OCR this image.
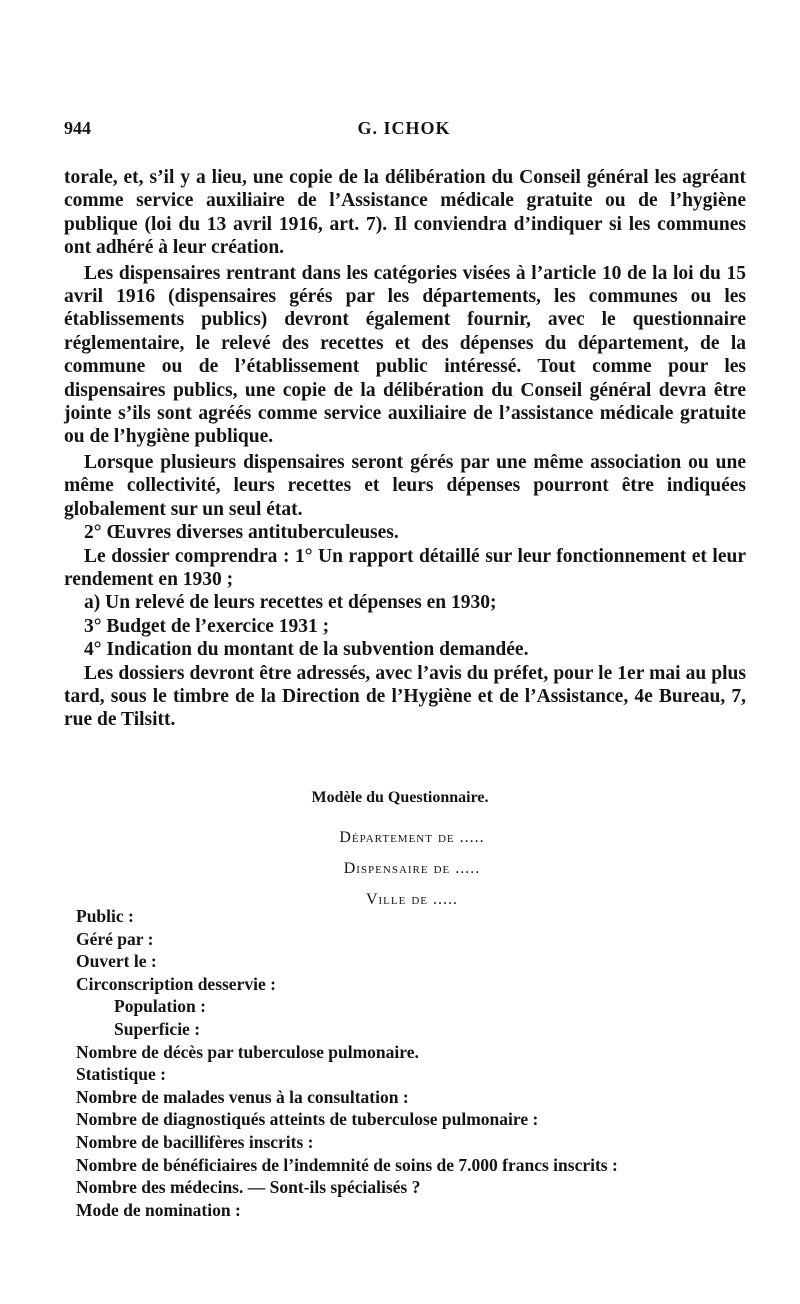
944	G. ICHOK

torale, et, s’il y a lieu, une copie de la délibération du Conseil général les agréant comme service auxiliaire de l’Assistance médicale gratuite ou de l’hygiène publique (loi du 13 avril 1916, art. 7). Il conviendra d’indiquer si les communes ont adhéré à leur création.

Les dispensaires rentrant dans les catégories visées à l’article 10 de la loi du 15 avril 1916 (dispensaires gérés par les départements, les communes ou les établissements publics) devront également fournir, avec le questionnaire réglementaire, le relevé des recettes et des dépenses du département, de la commune ou de l’établissement public intéressé. Tout comme pour les dispensaires publics, une copie de la délibération du Conseil général devra être jointe s’ils sont agréés comme service auxiliaire de l’assistance médicale gratuite ou de l’hygiène publique.

Lorsque plusieurs dispensaires seront gérés par une même association ou une même collectivité, leurs recettes et leurs dépenses pourront être indiquées globalement sur un seul état.

2° Œuvres diverses antituberculeuses.

Le dossier comprendra : 1° Un rapport détaillé sur leur fonctionnement et leur rendement en 1930 ;

a) Un relevé de leurs recettes et dépenses en 1930;

3° Budget de l’exercice 1931 ;

4° Indication du montant de la subvention demandée.

Les dossiers devront être adressés, avec l’avis du préfet, pour le 1er mai au plus tard, sous le timbre de la Direction de l’Hygiène et de l’Assistance, 4e Bureau, 7, rue de Tilsitt.

Modèle du Questionnaire.
Département de .....
Dispensaire de .....
Ville de .....
Public :
Géré par :
Ouvert le :
Circonscription desservie :
Population :
Superficie :
Nombre de décès par tuberculose pulmonaire.
Statistique :
Nombre de malades venus à la consultation :
Nombre de diagnostiqués atteints de tuberculose pulmonaire :
Nombre de bacillifères inscrits :
Nombre de bénéficiaires de l’indemnité de soins de 7.000 francs inscrits :
Nombre des médecins. — Sont-ils spécialisés ?
Mode de nomination :
